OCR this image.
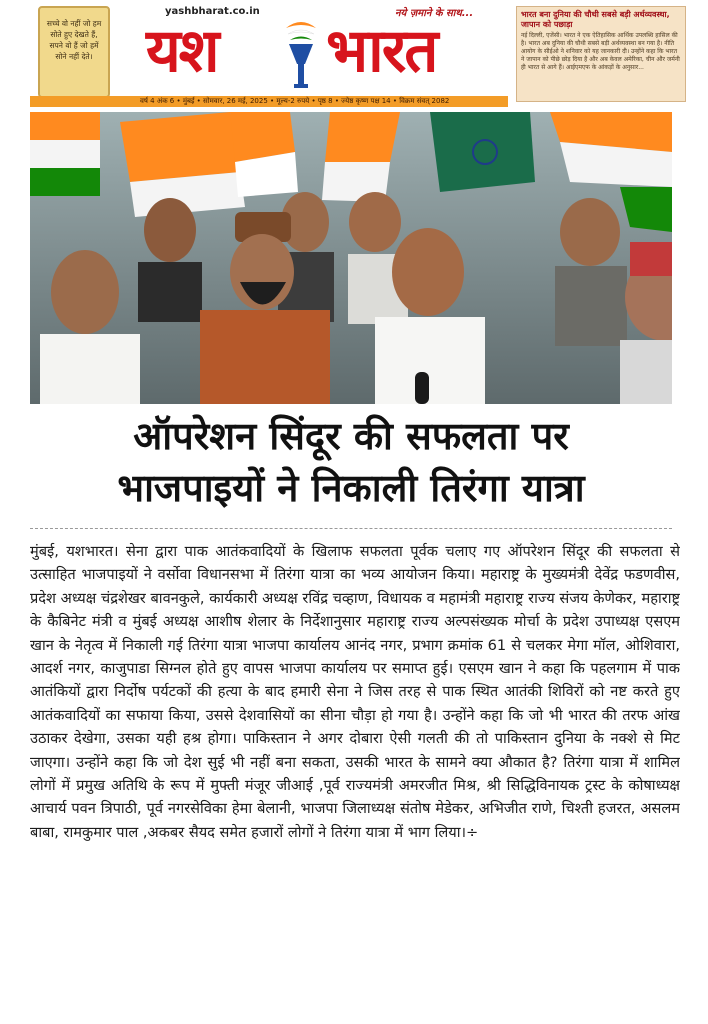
सच्चे वो नहीं जो हम सोते हुए देखते हैं, सपने वो हैं जो हमें सोने नहीं देते।
yashbharat.co.in	नये ज़माने के साथ...
यश भारत
वर्ष 4 अंक 6 • मुंबई • सोमवार, 26 मई, 2025 • मूल्य-2 रुपये • पृष्ठ 8 • ज्येष्ठ कृष्ण पक्ष 14 • विक्रम संवत् 2082
भारत बना दुनिया की चौथी सबसे बड़ी अर्थव्यवस्था, जापान को पछाड़ा
नई दिल्ली, एजेंसी। भारत ने एक ऐतिहासिक आर्थिक उपलब्धि हासिल की है। भारत अब दुनिया की चौथी सबसे बड़ी अर्थव्यवस्था बन गया है। नीति आयोग के सीईओ ने शनिवार को यह जानकारी दी। उन्होंने कहा कि भारत ने जापान को पीछे छोड़ दिया है और अब केवल अमेरिका, चीन और जर्मनी ही भारत से आगे हैं। आईएमएफ के आंकड़ों के अनुसार...
ऑपरेशन सिंदूर की सफलता पर
भाजपाइयों ने निकाली तिरंगा यात्रा

मुंबई, यशभारत। सेना द्वारा पाक आतंकवादियों के खिलाफ सफलता पूर्वक चलाए गए ऑपरेशन सिंदूर की सफलता से उत्साहित भाजपाइयों ने वर्सोवा विधानसभा में तिरंगा यात्रा का भव्य आयोजन किया। महाराष्ट्र के मुख्यमंत्री देवेंद्र फडणवीस, प्रदेश अध्यक्ष चंद्रशेखर बावनकुले, कार्यकारी अध्यक्ष रविंद्र चव्हाण, विधायक व महामंत्री महाराष्ट्र राज्य संजय केणेकर, महाराष्ट्र के कैबिनेट मंत्री व मुंबई अध्यक्ष आशीष शेलार के निर्देशानुसार महाराष्ट्र राज्य अल्पसंख्यक मोर्चा के प्रदेश उपाध्यक्ष एसएम खान के नेतृत्व में निकाली गई तिरंगा यात्रा भाजपा कार्यालय आनंद नगर, प्रभाग क्रमांक 61 से चलकर मेगा मॉल, ओशिवारा, आदर्श नगर, काजुपाडा सिग्नल होते हुए वापस भाजपा कार्यालय पर समाप्त हुई। एसएम खान ने कहा कि पहलगाम में पाक आतंकियों द्वारा निर्दोष पर्यटकों की हत्या के बाद हमारी सेना ने जिस तरह से पाक स्थित आतंकी शिविरों को नष्ट करते हुए आतंकवादियों का सफाया किया, उससे देशवासियों का सीना चौड़ा हो गया है। उन्होंने कहा कि जो भी भारत की तरफ आंख उठाकर देखेगा, उसका यही हश्र होगा। पाकिस्तान ने अगर दोबारा ऐसी गलती की तो पाकिस्तान दुनिया के नक्शे से मिट जाएगा। उन्होंने कहा कि जो देश सुई भी नहीं बना सकता, उसकी भारत के सामने क्या औकात है? तिरंगा यात्रा में शामिल लोगों में प्रमुख अतिथि के रूप में मुफ्ती मंजूर जीआई ,पूर्व राज्यमंत्री अमरजीत मिश्र, श्री सिद्धिविनायक ट्रस्ट के कोषाध्यक्ष आचार्य पवन त्रिपाठी, पूर्व नगरसेविका हेमा बेलानी, भाजपा जिलाध्यक्ष संतोष मेडेकर, अभिजीत राणे, चिश्ती हजरत, असलम बाबा, रामकुमार पाल ,अकबर सैयद समेत हजारों लोगों ने तिरंगा यात्रा में भाग लिया।÷
